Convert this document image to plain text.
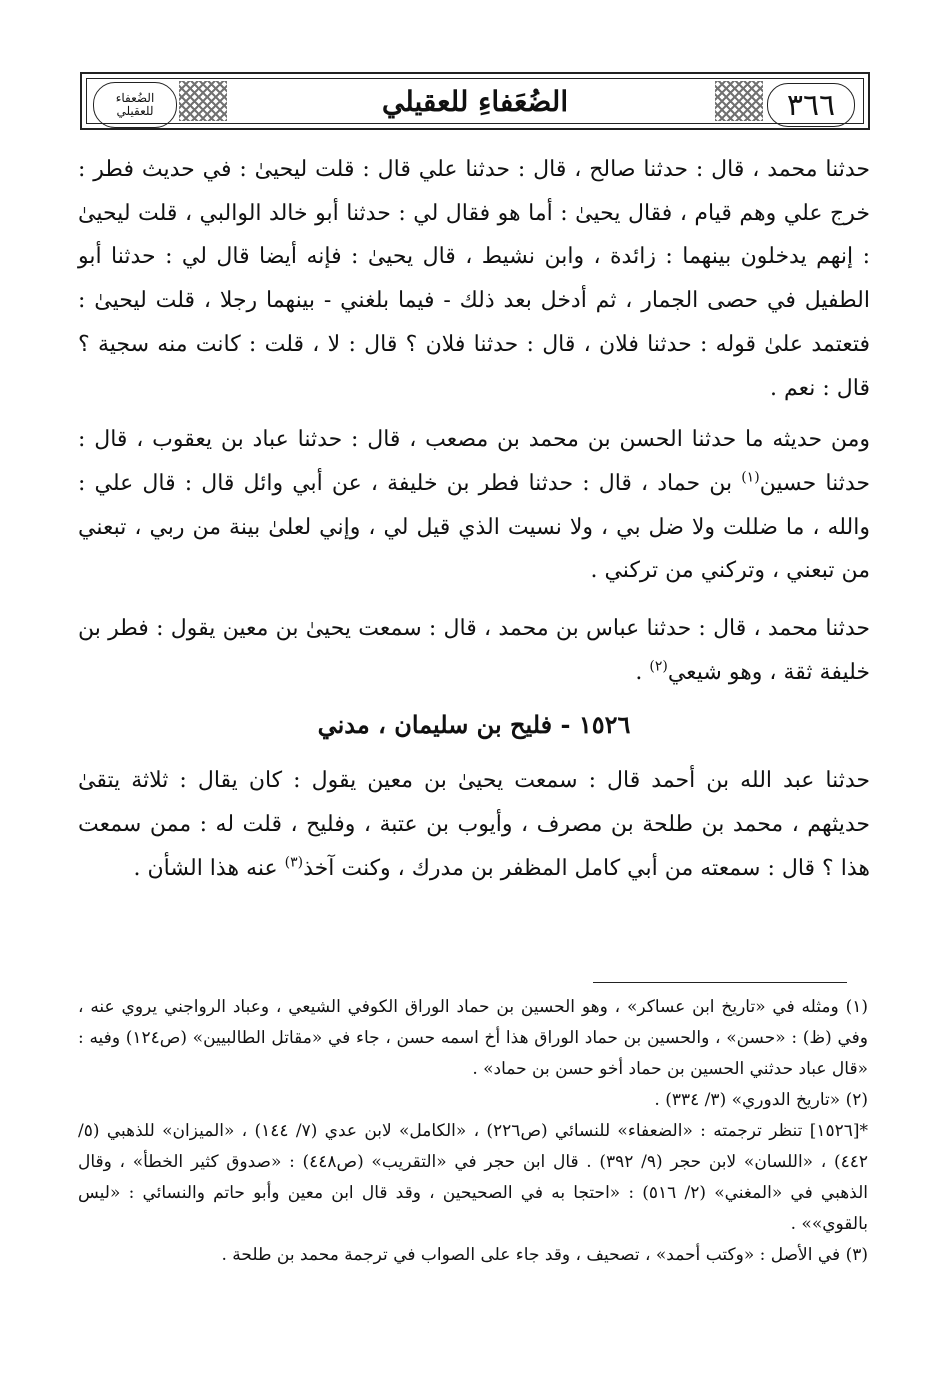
الضُعفاء
للعقيلي	الضُعَفاءِ للعقيلي	٣٦٦

حدثنا محمد ، قال : حدثنا صالح ، قال : حدثنا علي قال : قلت ليحيىٰ : في حديث فطر : خرج علي وهم قيام ، فقال يحيىٰ : أما هو فقال لي : حدثنا أبو خالد الوالبي ، قلت ليحيىٰ : إنهم يدخلون بينهما : زائدة ، وابن نشيط ، قال يحيىٰ : فإنه أيضا قال لي : حدثنا أبو الطفيل في حصى الجمار ، ثم أدخل بعد ذلك - فيما بلغني - بينهما رجلا ، قلت ليحيىٰ : فتعتمد علىٰ قوله : حدثنا فلان ، قال : حدثنا فلان ؟ قال : لا ، قلت : كانت منه سجية ؟ قال : نعم .

ومن حديثه ما حدثنا الحسن بن محمد بن مصعب ، قال : حدثنا عباد بن يعقوب ، قال : حدثنا حسين$^{(١)}$ بن حماد ، قال : حدثنا فطر بن خليفة ، عن أبي وائل قال : قال علي : والله ، ما ضللت ولا ضل بي ، ولا نسيت الذي قيل لي ، وإني لعلىٰ بينة من ربي ، تبعني من تبعني ، وتركني من تركني .

حدثنا محمد ، قال : حدثنا عباس بن محمد ، قال : سمعت يحيىٰ بن معين يقول : فطر بن خليفة ثقة ، وهو شيعي$^{(٢)}$ .

١٥٢٦ - فليح بن سليمان ، مدني

حدثنا عبد الله بن أحمد قال : سمعت يحيىٰ بن معين يقول : كان يقال : ثلاثة يتقىٰ حديثهم ، محمد بن طلحة بن مصرف ، وأيوب بن عتبة ، وفليح ، قلت له : ممن سمعت هذا ؟ قال : سمعته من أبي كامل المظفر بن مدرك ، وكنت آخذ$^{(٣)}$ عنه هذا الشأن .

(١) ومثله في «تاريخ ابن عساكر» ، وهو الحسين بن حماد الوراق الكوفي الشيعي ، وعباد الرواجني يروي عنه ، وفي (ظ) : «حسن» ، والحسين بن حماد الوراق هذا أخ اسمه حسن ، جاء في «مقاتل الطالبيين» (ص١٢٤) وفيه : «قال عباد حدثني الحسين بن حماد أخو حسن بن حماد» .

(٢) «تاريخ الدوري» (٣/ ٣٣٤) .

*[١٥٢٦] تنظر ترجمته : «الضعفاء» للنسائي (ص٢٢٦) ، «الكامل» لابن عدي (٧/ ١٤٤) ، «الميزان» للذهبي (٥/ ٤٤٢) ، «اللسان» لابن حجر (٩/ ٣٩٢) . قال ابن حجر في «التقريب» (ص٤٤٨) : «صدوق كثير الخطأ» ، وقال الذهبي في «المغني» (٢/ ٥١٦) : «احتجا به في الصحيحين ، وقد قال ابن معين وأبو حاتم والنسائي : «ليس بالقوي»» .

(٣) في الأصل : «وكتب أحمد» ، تصحيف ، وقد جاء على الصواب في ترجمة محمد بن طلحة .
